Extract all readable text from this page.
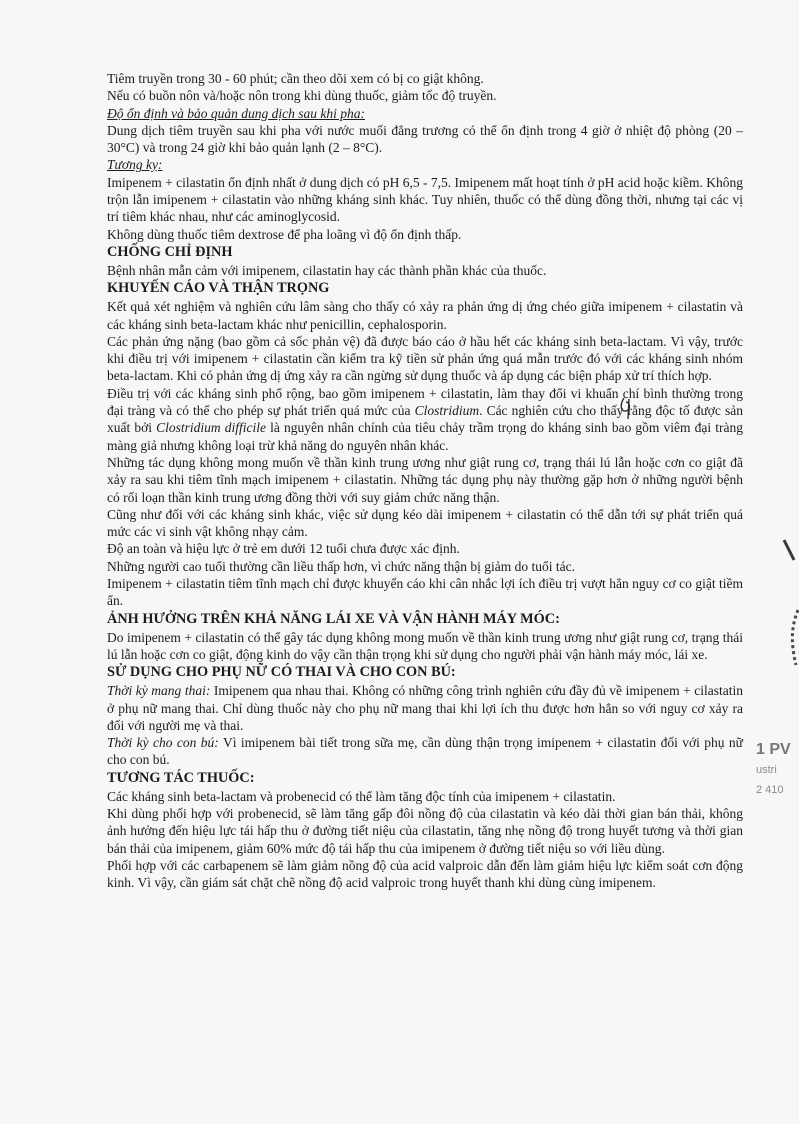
Tiêm truyền trong 30 - 60 phút; cần theo dõi xem có bị co giật không.

Nếu có buồn nôn và/hoặc nôn trong khi dùng thuốc, giảm tốc độ truyền.

Độ ổn định và bảo quản dung dịch sau khi pha:

Dung dịch tiêm truyền sau khi pha với nước muối đẳng trương có thể ổn định trong 4 giờ ở nhiệt độ phòng (20 – 30°C) và trong 24 giờ khi bảo quản lạnh (2 – 8°C).

Tương kỵ:

Imipenem + cilastatin ổn định nhất ở dung dịch có pH 6,5 - 7,5. Imipenem mất hoạt tính ở pH acid hoặc kiềm. Không trộn lẫn imipenem + cilastatin vào những kháng sinh khác. Tuy nhiên, thuốc có thể dùng đồng thời, nhưng tại các vị trí tiêm khác nhau, như các aminoglycosid.

Không dùng thuốc tiêm dextrose để pha loãng vì độ ổn định thấp.

CHỐNG CHỈ ĐỊNH

Bệnh nhân mẫn cảm với imipenem, cilastatin hay các thành phần khác của thuốc.

KHUYẾN CÁO VÀ THẬN TRỌNG

Kết quả xét nghiệm và nghiên cứu lâm sàng cho thấy có xảy ra phản ứng dị ứng chéo giữa imipenem + cilastatin và các kháng sinh beta-lactam khác như penicillin, cephalosporin.

Các phản ứng nặng (bao gồm cả sốc phản vệ) đã được báo cáo ở hầu hết các kháng sinh beta-lactam. Vì vậy, trước khi điều trị với imipenem + cilastatin cần kiểm tra kỹ tiền sử phản ứng quá mẫn trước đó với các kháng sinh nhóm beta-lactam. Khi có phản ứng dị ứng xảy ra cần ngừng sử dụng thuốc và áp dụng các biện pháp xử trí thích hợp.

Điều trị với các kháng sinh phổ rộng, bao gồm imipenem + cilastatin, làm thay đổi vi khuẩn chí bình thường trong đại tràng và có thể cho phép sự phát triển quá mức của Clostridium. Các nghiên cứu cho thấy rằng độc tố được sản xuất bởi Clostridium difficile là nguyên nhân chính của tiêu chảy trầm trọng do kháng sinh bao gồm viêm đại tràng màng giả nhưng không loại trừ khả năng do nguyên nhân khác.

Những tác dụng không mong muốn về thần kinh trung ương như giật rung cơ, trạng thái lú lẫn hoặc cơn co giật đã xảy ra sau khi tiêm tĩnh mạch imipenem + cilastatin. Những tác dụng phụ này thường gặp hơn ở những người bệnh có rối loạn thần kinh trung ương đồng thời với suy giảm chức năng thận.

Cũng như đối với các kháng sinh khác, việc sử dụng kéo dài imipenem + cilastatin có thể dẫn tới sự phát triển quá mức các vi sinh vật không nhạy cảm.

Độ an toàn và hiệu lực ở trẻ em dưới 12 tuổi chưa được xác định.

Những người cao tuổi thường cần liều thấp hơn, vì chức năng thận bị giảm do tuổi tác.

Imipenem + cilastatin tiêm tĩnh mạch chỉ được khuyến cáo khi cân nhắc lợi ích điều trị vượt hẳn nguy cơ co giật tiềm ẩn.

ẢNH HƯỞNG TRÊN KHẢ NĂNG LÁI XE VÀ VẬN HÀNH MÁY MÓC:

Do imipenem + cilastatin có thể gây tác dụng không mong muốn về thần kinh trung ương như giật rung cơ, trạng thái lú lẫn hoặc cơn co giật, động kinh do vậy cần thận trọng khi sử dụng cho người phải vận hành máy móc, lái xe.

SỬ DỤNG CHO PHỤ NỮ CÓ THAI VÀ CHO CON BÚ:

Thời kỳ mang thai: Imipenem qua nhau thai. Không có những công trình nghiên cứu đầy đủ về imipenem + cilastatin ở phụ nữ mang thai. Chỉ dùng thuốc này cho phụ nữ mang thai khi lợi ích thu được hơn hẳn so với nguy cơ xảy ra đối với người mẹ và thai.

Thời kỳ cho con bú: Vì imipenem bài tiết trong sữa mẹ, cần dùng thận trọng imipenem + cilastatin đối với phụ nữ cho con bú.

TƯƠNG TÁC THUỐC:

Các kháng sinh beta-lactam và probenecid có thể làm tăng độc tính của imipenem + cilastatin.

Khi dùng phối hợp với probenecid, sẽ làm tăng gấp đôi nồng độ của cilastatin và kéo dài thời gian bán thải, không ảnh hưởng đến hiệu lực tái hấp thu ở đường tiết niệu của cilastatin, tăng nhẹ nồng độ trong huyết tương và thời gian bán thải của imipenem, giảm 60% mức độ tái hấp thu của imipenem ở đường tiết niệu so với liều dùng.

Phối hợp với các carbapenem sẽ làm giảm nồng độ của acid valproic dẫn đến làm giảm hiệu lực kiểm soát cơn động kinh. Vì vậy, cần giám sát chặt chẽ nồng độ acid valproic trong huyết thanh khi dùng cùng imipenem.

1 PV
ustri
2 410
